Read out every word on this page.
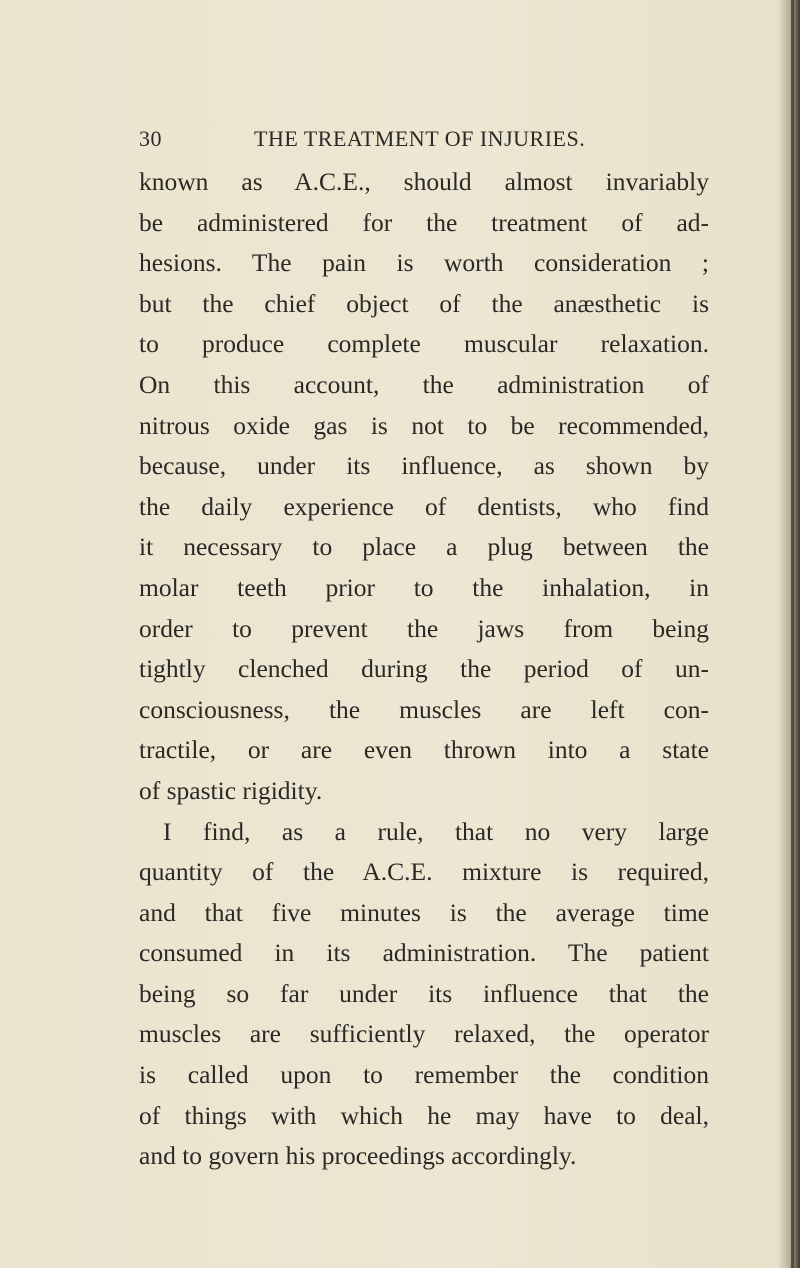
30	THE TREATMENT OF INJURIES.
known as A.C.E., should almost invariably
be administered for the treatment of ad-
hesions. The pain is worth consideration ;
but the chief object of the anæsthetic is
to produce complete muscular relaxation.
On this account, the administration of
nitrous oxide gas is not to be recommended,
because, under its influence, as shown by
the daily experience of dentists, who find
it necessary to place a plug between the
molar teeth prior to the inhalation, in
order to prevent the jaws from being
tightly clenched during the period of un-
consciousness, the muscles are left con-
tractile, or are even thrown into a state
of spastic rigidity.
I find, as a rule, that no very large
quantity of the A.C.E. mixture is required,
and that five minutes is the average time
consumed in its administration. The patient
being so far under its influence that the
muscles are sufficiently relaxed, the operator
is called upon to remember the condition
of things with which he may have to deal,
and to govern his proceedings accordingly.
